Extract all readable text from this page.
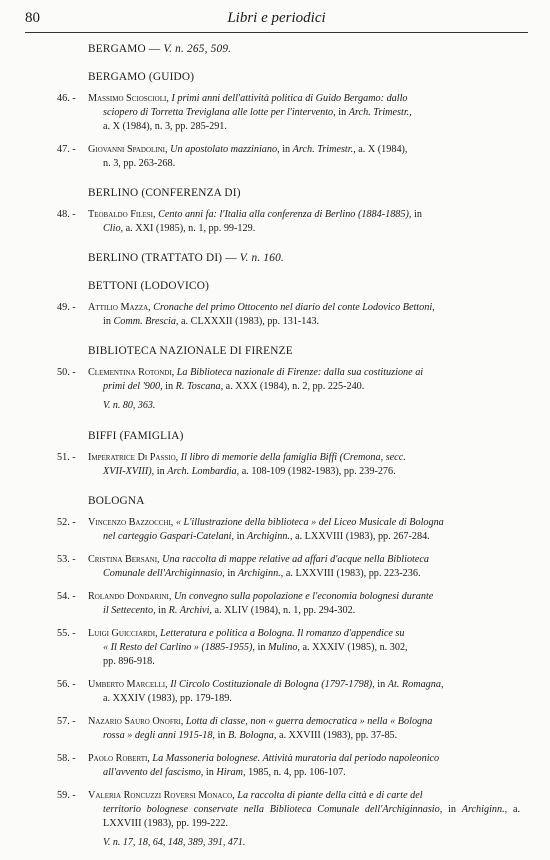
80	Libri e periodici
BERGAMO — V. n. 265, 509.
BERGAMO (GUIDO)
46. - Massimo Scioscioli, I primi anni dell'attività politica di Guido Bergamo: dallo
sciopero di Torretta Treviglana alle lotte per l'intervento, in Arch. Trimestr.,
a. X (1984), n. 3, pp. 285-291.
47. - Giovanni Spadolini, Un apostolato mazziniano, in Arch. Trimestr., a. X (1984),
n. 3, pp. 263-268.
BERLINO (CONFERENZA DI)
48. - Teobaldo Filesi, Cento anni fa: l'Italia alla conferenza di Berlino (1884-1885), in
Clio, a. XXI (1985), n. 1, pp. 99-129.
BERLINO (TRATTATO DI) — V. n. 160.
BETTONI (LODOVICO)
49. - Attilio Mazza, Cronache del primo Ottocento nel diario del conte Lodovico Bettoni,
in Comm. Brescia, a. CLXXXII (1983), pp. 131-143.
BIBLIOTECA NAZIONALE DI FIRENZE
50. - Clementina Rotondi, La Biblioteca nazionale di Firenze: dalla sua costituzione ai
primi del '900, in R. Toscana, a. XXX (1984), n. 2, pp. 225-240.
V. n. 80, 363.
BIFFI (FAMIGLIA)
51. - Imperatrice Di Passio, Il libro di memorie della famiglia Biffi (Cremona, secc.
XVII-XVIII), in Arch. Lombardia, a. 108-109 (1982-1983), pp. 239-276.
BOLOGNA
52. - Vincenzo Bazzocchi, « L'illustrazione della biblioteca » del Liceo Musicale di Bologna
nel carteggio Gaspari-Catelani, in Archiginn., a. LXXVIII (1983), pp. 267-284.
53. - Cristina Bersani, Una raccolta di mappe relative ad affari d'acque nella Biblioteca
Comunale dell'Archiginnasio, in Archiginn., a. LXXVIII (1983), pp. 223-236.
54. - Rolando Dondarini, Un convegno sulla popolazione e l'economia bolognesi durante
il Settecento, in R. Archivi, a. XLIV (1984), n. 1, pp. 294-302.
55. - Luigi Guicciardi, Letteratura e politica a Bologna. Il romanzo d'appendice su
« Il Resto del Carlino » (1885-1955), in Mulino, a. XXXIV (1985), n. 302,
pp. 896-918.
56. - Umberto Marcelli, Il Circolo Costituzionale di Bologna (1797-1798), in At. Romagna,
a. XXXIV (1983), pp. 179-189.
57. - Nazario Sauro Onofri, Lotta di classe, non « guerra democratica » nella « Bologna
rossa » degli anni 1915-18, in B. Bologna, a. XXVIII (1983), pp. 37-85.
58. - Paolo Roberti, La Massoneria bolognese. Attività muratoria dal periodo napoleonico
all'avvento del fascismo, in Hiram, 1985, n. 4, pp. 106-107.
59. - Valeria Roncuzzi Roversi Monaco, La raccolta di piante della città e di carte del
territorio bolognese conservate nella Biblioteca Comunale dell'Archiginnasio, in Archiginn., a. LXXVIII (1983), pp. 199-222.
V. n. 17, 18, 64, 148, 389, 391, 471.
